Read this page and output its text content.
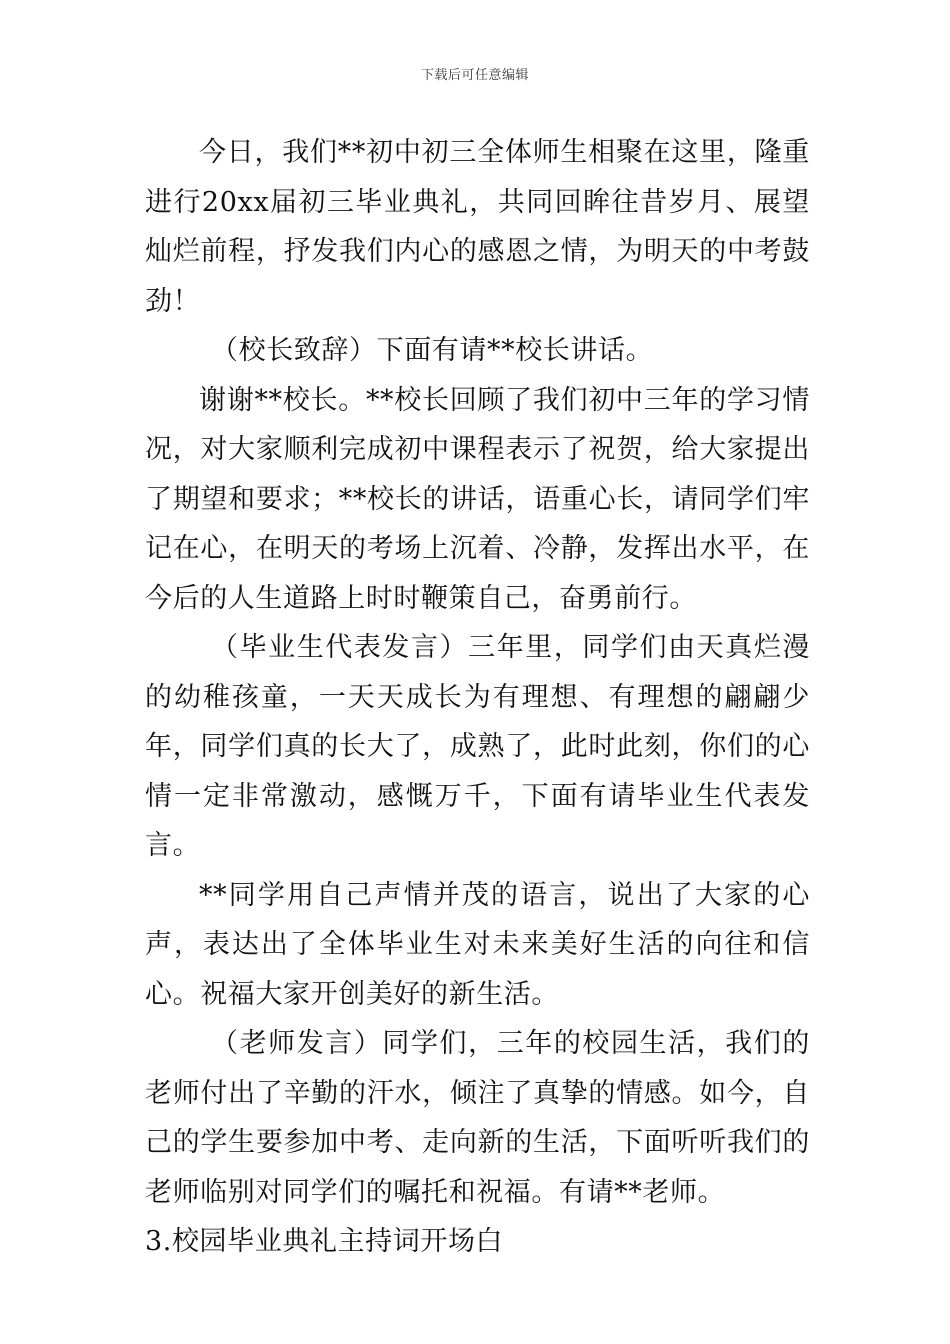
下载后可任意编辑

今日，我们**初中初三全体师生相聚在这里，隆重进行20xx届初三毕业典礼，共同回眸往昔岁月、展望灿烂前程，抒发我们内心的感恩之情，为明天的中考鼓劲！

（校长致辞）下面有请**校长讲话。

谢谢**校长。**校长回顾了我们初中三年的学习情况，对大家顺利完成初中课程表示了祝贺，给大家提出了期望和要求；**校长的讲话，语重心长，请同学们牢记在心，在明天的考场上沉着、冷静，发挥出水平，在今后的人生道路上时时鞭策自己，奋勇前行。

（毕业生代表发言）三年里，同学们由天真烂漫的幼稚孩童，一天天成长为有理想、有理想的翩翩少年，同学们真的长大了，成熟了，此时此刻，你们的心情一定非常激动，感慨万千，下面有请毕业生代表发言。

**同学用自己声情并茂的语言，说出了大家的心声，表达出了全体毕业生对未来美好生活的向往和信心。祝福大家开创美好的新生活。

（老师发言）同学们，三年的校园生活，我们的老师付出了辛勤的汗水，倾注了真挚的情感。如今，自己的学生要参加中考、走向新的生活，下面听听我们的老师临别对同学们的嘱托和祝福。有请**老师。

3.校园毕业典礼主持词开场白
